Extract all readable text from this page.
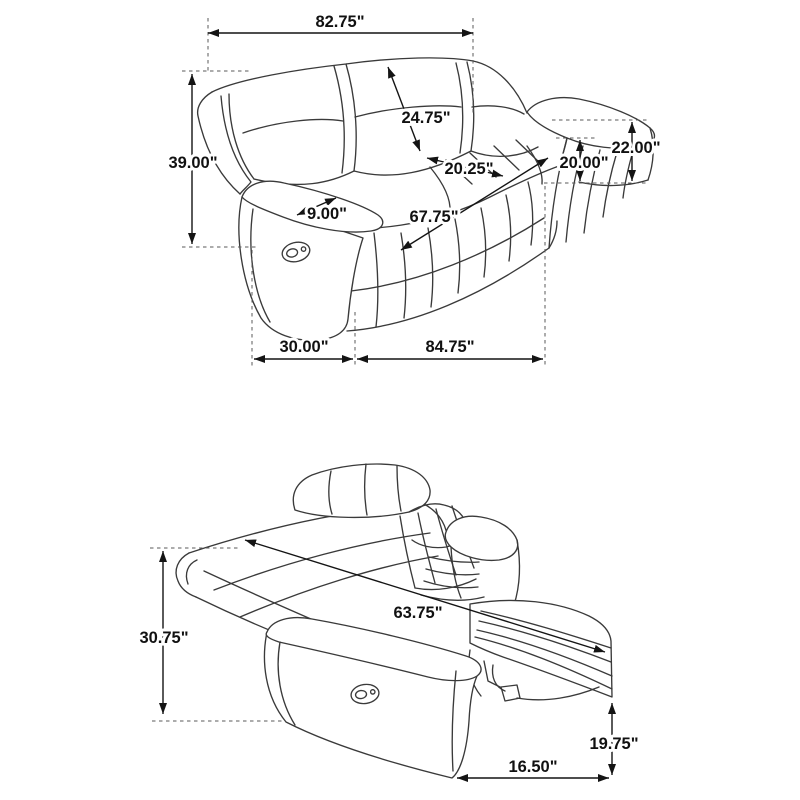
82.75"
39.00"
24.75"
20.25"
67.75"
9.00"
22.00"
20.00"
30.00"	84.75"
30.75"
63.75"
19.75"
16.50"
